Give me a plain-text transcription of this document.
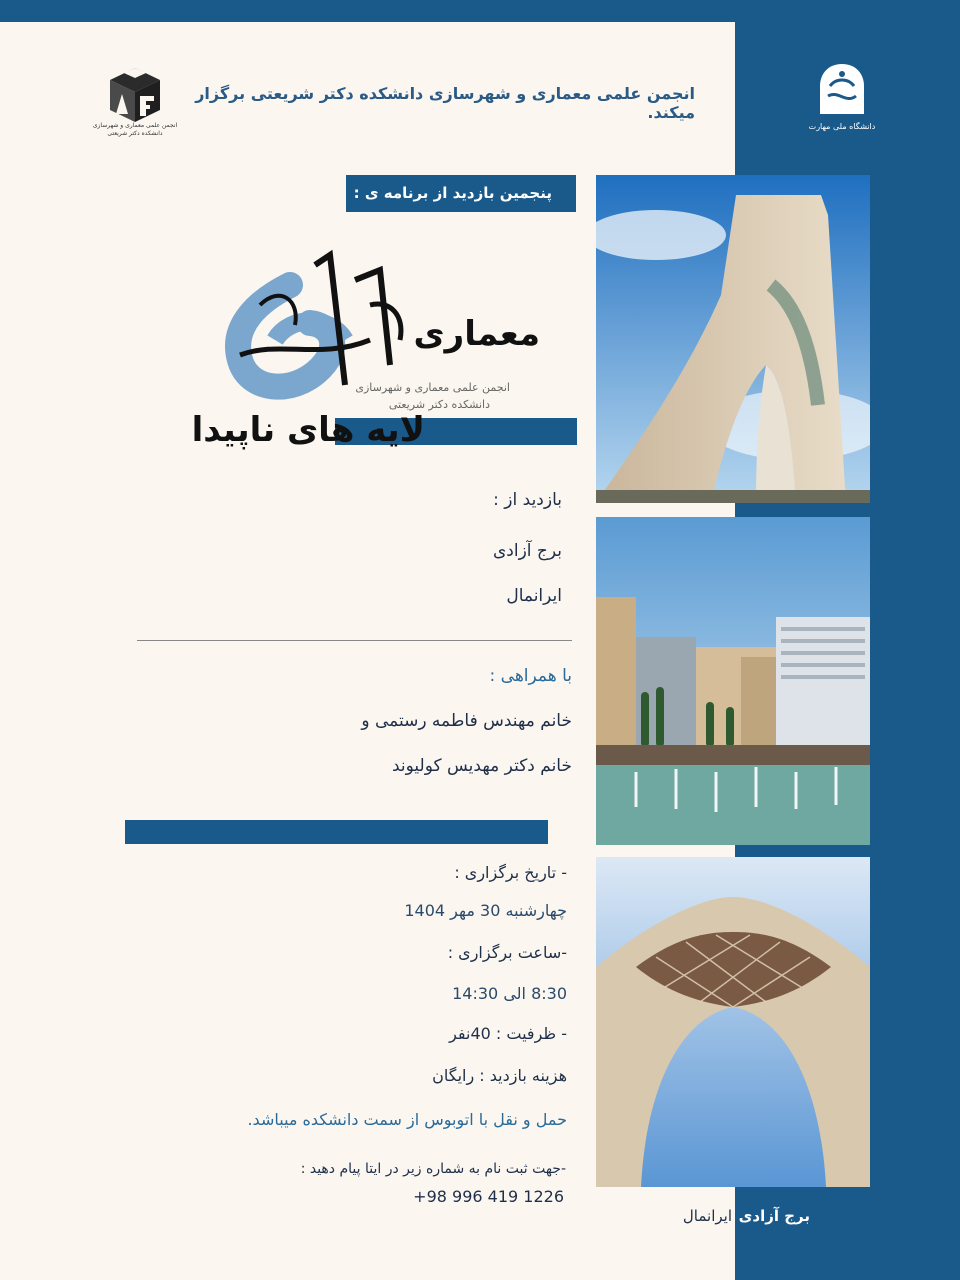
انجمن علمی معماری و شهرسازی
دانشکده دکتر شریعتی
انجمن علمی معماری و شهرسازی دانشکده دکتر شریعتی برگزار میکند.
دانشگاه ملی مهارت
پنجمین بازدید از برنامه ی :
معماری
انجمن علمی معماری و شهرسازی
دانشکده دکتر شریعتی
لایه های ناپیدا
بازدید از :
برج آزادی
ایرانمال
با همراهی :
خانم مهندس فاطمه رستمی و
خانم دکتر مهدیس کولیوند
- تاریخ برگزاری :
چهارشنبه 30 مهر 1404
-ساعت برگزاری :
8:30 الی 14:30
- ظرفیت : 40نفر
هزینه بازدید : رایگان
حمل و نقل با اتوبوس از سمت دانشکده میباشد.
-جهت ثبت نام به شماره زیر در ایتا پیام دهید :
+98 996 419 1226
برج آزادی
ایرانمال
